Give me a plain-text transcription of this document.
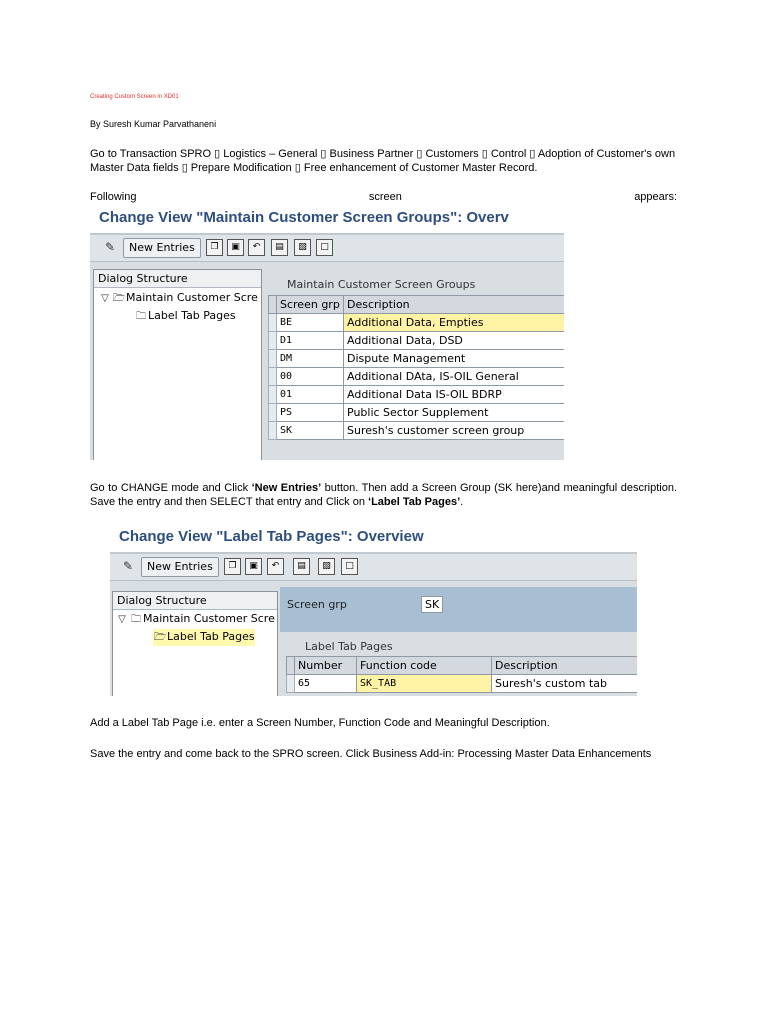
Creating Custom Screen in XD01
By Suresh Kumar Parvathaneni
Go to Transaction SPRO ▯ Logistics – General ▯ Business Partner ▯ Customers ▯ Control ▯ Adoption of Customer's own Master Data fields ▯ Prepare Modification ▯ Free enhancement of Customer Master Record.
Following	screen	appears:
Change View "Maintain Customer Screen Groups": Overv
✎	New Entries	❐	▣	↶	▤	▧	□
Dialog Structure
▽ 🗁Maintain Customer Scre
🗀 Label Tab Pages
Maintain Customer Screen Groups
	Screen grp	Description
	BE	Additional Data, Empties
	D1	Additional Data, DSD
	DM	Dispute Management
	00	Additional DAta, IS-OIL General
	01	Additional Data IS-OIL BDRP
	PS	Public Sector Supplement
	SK	Suresh's customer screen group
Go to CHANGE mode and Click ‘New Entries’ button. Then add a Screen Group (SK here)and meaningful description. Save the entry and then SELECT that entry and Click on ‘Label Tab Pages’.
Change View "Label Tab Pages": Overview
✎	New Entries	❐	▣	↶	▤	▧	□
Dialog Structure
▽ 🗀 Maintain Customer Scre
🗁Label Tab Pages
Screen grp	SK
Label Tab Pages
	Number	Function code	Description
	65	SK_TAB	Suresh's custom tab
Add a Label Tab Page i.e. enter a Screen Number, Function Code and Meaningful Description.
Save the entry and come back to the SPRO screen. Click Business Add-in: Processing Master Data Enhancements
